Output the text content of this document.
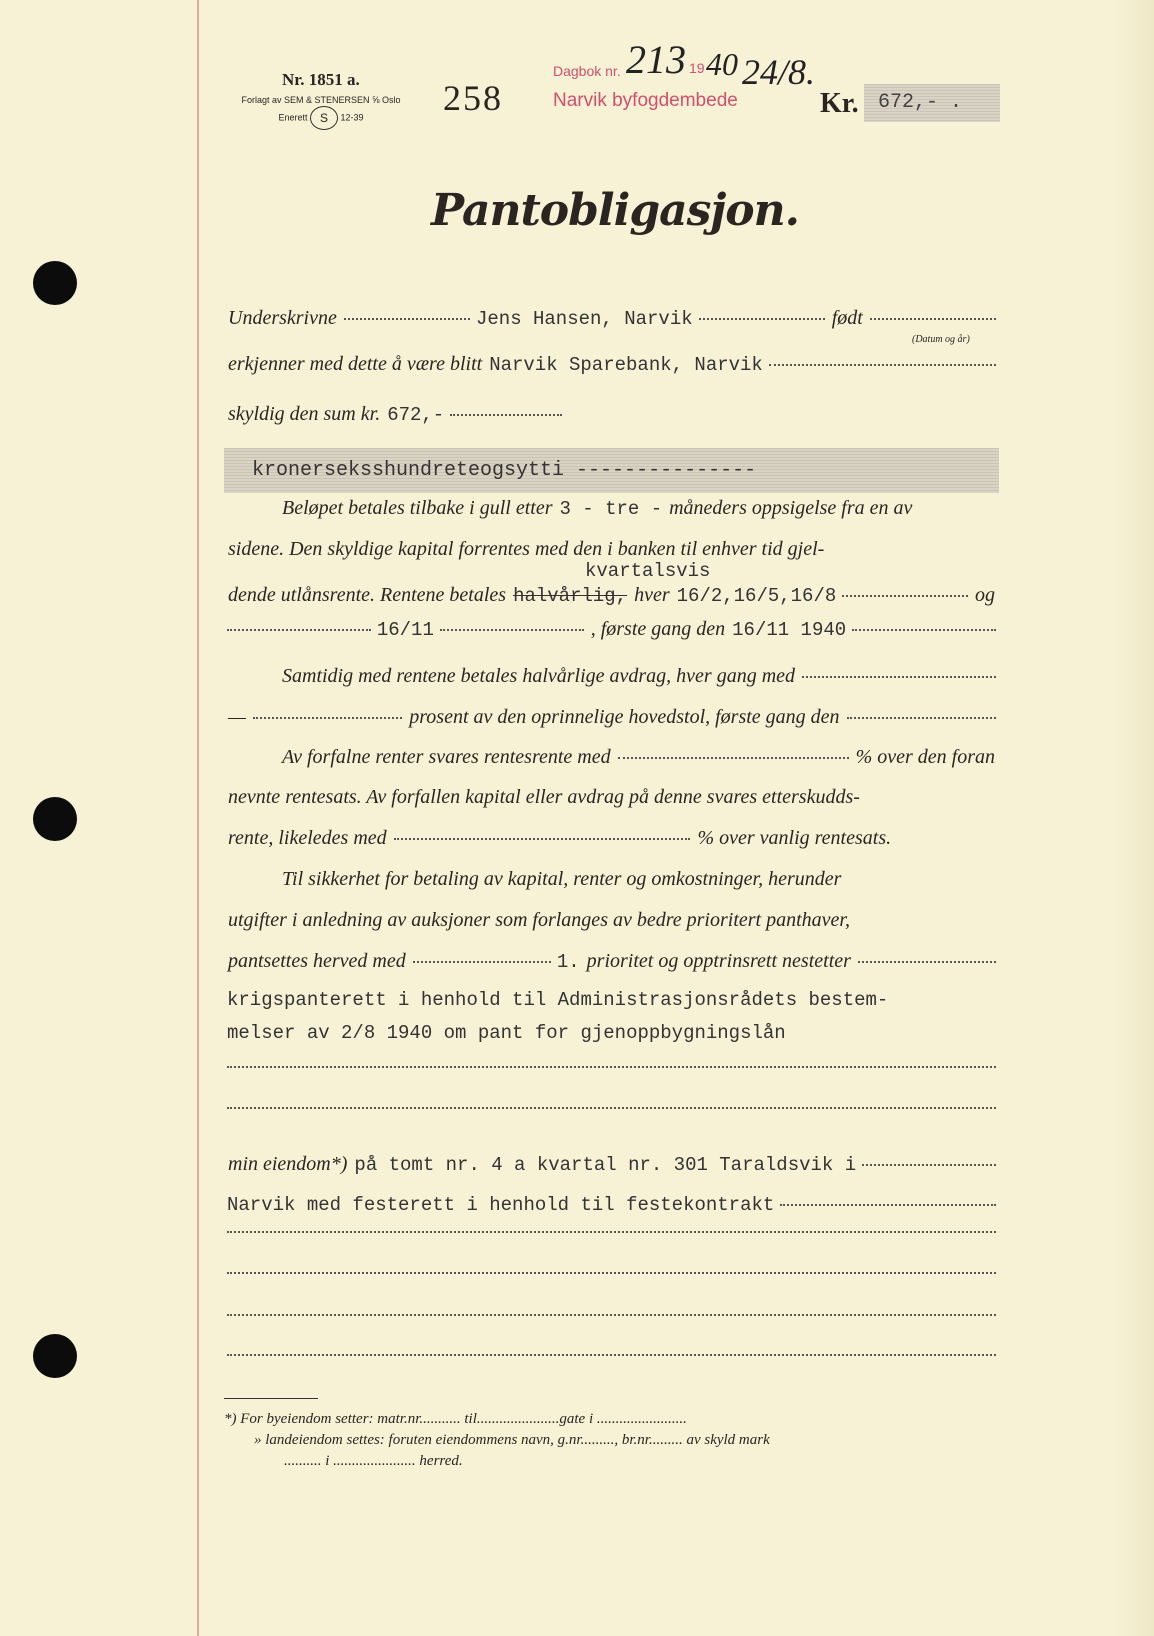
Nr. 1851 a.
Forlagt av SEM & STENERSEN ⅝ Oslo
Enerett S 12-39	258
Dagbok nr. 213 19 40
Narvik byfogdembede
24/8.
Kr. 672,- .
Pantobligasjon.
(Datum og år)
kronerseksshundreteogsytti ---------------
kvartalsvis
Underskrivne	Jens Hansen, Narvik	født
erkjenner med dette å være blitt Narvik Sparebank, Narvik
skyldig den sum kr. 672,-
Beløpet betales tilbake i gull etter 3 - tre - måneders oppsigelse fra en av
sidene. Den skyldige kapital forrentes med den i banken til enhver tid gjel-
dende utlånsrente. Rentene betales halvårlig, hver 16/2,16/5,16/8	og
16/11	, første gang den 16/11 1940
Samtidig med rentene betales halvårlige avdrag, hver gang med
—	prosent av den oprinnelige hovedstol, første gang den
Av forfalne renter svares rentesrente med	% over den foran
nevnte rentesats. Av forfallen kapital eller avdrag på denne svares etterskudds-
rente, likeledes med	% over vanlig rentesats.
Til sikkerhet for betaling av kapital, renter og omkostninger, herunder
utgifter i anledning av auksjoner som forlanges av bedre prioritert panthaver,
pantsettes herved med	1. prioritet og opptrinsrett nestetter
krigspanterett i henhold til Administrasjonsrådets bestem-
melser av 2/8 1940 om pant for gjenoppbygningslån
min eiendom*) på tomt nr. 4 a kvartal nr. 301 Taraldsvik i
Narvik med festerett i henhold til festekontrakt
*) For byeiendom setter: matr.nr........... til......................gate i ........................
» landeiendom settes: foruten eiendommens navn, g.nr........., br.nr......... av skyld mark
.......... i ...................... herred.
